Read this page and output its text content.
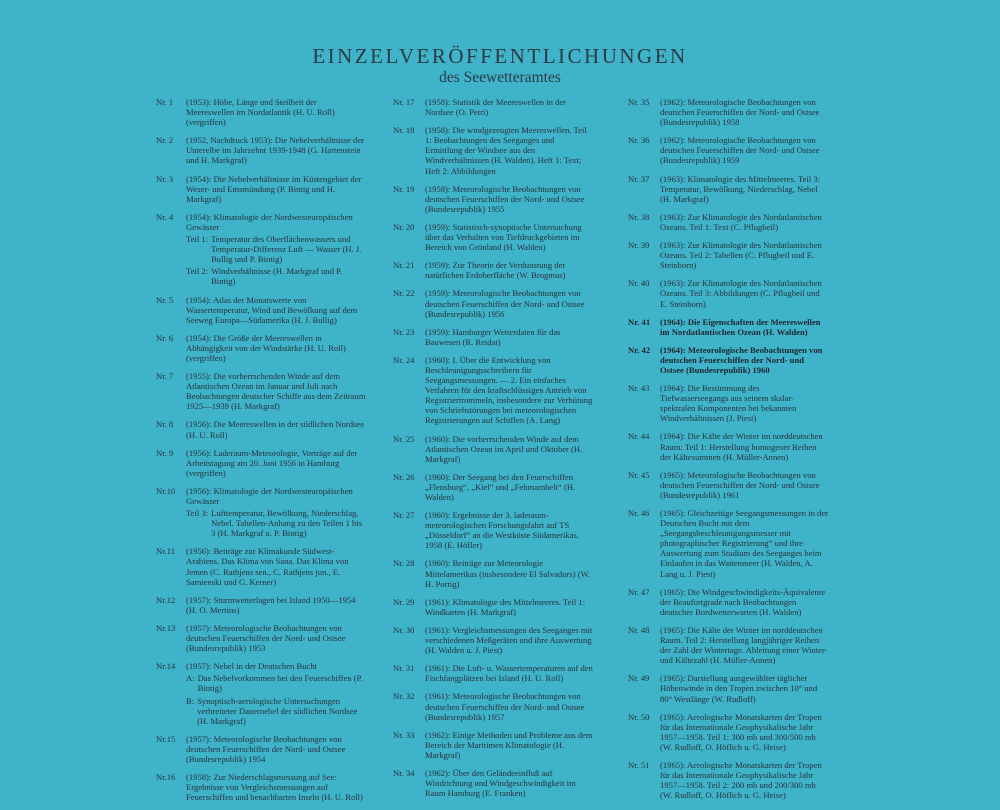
EINZELVERÖFFENTLICHUNGEN
des Seewetteramtes
Nr. 1	(1953): Höhe, Länge und Steilheit der Meereswellen im Nordatlantik (H. U. Roll) (vergriffen)
Nr. 2	(1952, Nachdruck 1953): Die Nebelverhältnisse der Unterelbe im Jahrzehnt 1939-1948 (G. Hartenstein und H. Markgraf)
Nr. 3	(1954): Die Nebelverhältnisse im Küstengebiet der Weser- und Emsmündung (P. Bintig und H. Markgraf)
Nr. 4	(1954): Klimatologie der Nordwesteuropäischen Gewässer
Teil 1: Temperatur des Oberflächenwassers und Temperatur-Differenz Luft — Wasser (H. J. Bullig und P. Bintig)
Teil 2: Windverhältnisse (H. Markgraf und P. Bintig)
Nr. 5	(1954): Atlas der Monatswerte von Wassertemperatur, Wind und Bewölkung auf dem Seeweg Europa—Südamerika (H. J. Bullig)
Nr. 6	(1954): Die Größe der Meereswellen in Abhängigkeit von der Windstärke (H. U. Roll) (vergriffen)
Nr. 7	(1955): Die vorherrschenden Winde auf dem Atlantischen Ozean im Januar und Juli nach Beobachtungen deutscher Schiffe aus dem Zeitraum 1925—1939 (H. Markgraf)
Nr. 8	(1956): Die Meereswellen in der südlichen Nordsee (H. U. Roll)
Nr. 9	(1956): Laderaum-Meteorologie, Vorträge auf der Arbeitstagung am 20. Juni 1956 in Hamburg (vergriffen)
Nr.10	(1956): Klimatologie der Nordwesteuropäischen Gewässer
Teil 3: Lufttemperatur, Bewölkung, Niederschlag, Nebel. Tabellen-Anhang zu den Teilen 1 bis 3 (H. Markgraf u. P. Bintig)
Nr.11	(1956): Beiträge zur Klimakunde Südwest-Arabiens. Das Klima von Sana. Das Klima von Jemen (C. Rathjens sen., C. Rathjens jun., E. Samienski und G. Kerner)
Nr.12	(1957): Sturmwetterlagen bei Island 1950—1954 (H. O. Mertins)
Nr.13	(1957): Meteorologische Beobachtungen von deutschen Feuerschiffen der Nord- und Ostsee (Bundesrepublik) 1953
Nr.14	(1957): Nebel in der Deutschen Bucht
A: Das Nebelvorkommen bei den Feuerschiffen (P. Bintig)
B: Synoptisch-aerologische Untersuchungen verbreiteter Dauernebel der südlichen Nordsee (H. Markgraf)
Nr.15	(1957): Meteorologische Beobachtungen von deutschen Feuerschiffen der Nord- und Ostsee (Bundesrepublik) 1954
Nr.16	(1958): Zur Niederschlagsmessung auf See: Ergebnisse von Vergleichsmessungen auf Feuerschiffen und benachbarten Inseln (H. U. Roll)
Nr. 17	(1958): Statistik der Meereswellen in der Nordsee (O. Petri)
Nr. 18	(1958): Die windgezeugten Meereswellen. Teil 1: Beobachtungen des Seeganges und Ermittlung der Windsee aus den Windverhältnissen (H. Walden). Heft 1: Text; Heft 2: Abbildungen
Nr. 19	(1958): Meteorologische Beobachtungen von deutschen Feuerschiffen der Nord- und Ostsee (Bundesrepublik) 1955
Nr. 20	(1959): Statistisch-synoptische Untersuchung über das Verhalten von Tiefdruckgebieten im Bereich von Grönland (H. Walden)
Nr. 21	(1959): Zur Theorie der Verdunstung der natürlichen Erdoberfläche (W. Brogmus)
Nr. 22	(1959): Meteorologische Beobachtungen von deutschen Feuerschiffen der Nord- und Ostsee (Bundesrepublik) 1956
Nr. 23	(1959): Hamburger Wetterdaten für das Bauwesen (R. Reidat)
Nr. 24	(1960): I. Über die Entwicklung von Beschleunigungsschreibern für Seegangsmessungen. — 2. Ein einfaches Verfahren für den kraftschlüssigen Antrieb von Registriertrommeln, insbesondere zur Verhütung von Schriebstörungen bei meteorologischen Registrierungen auf Schiffen (A. Lang)
Nr. 25	(1960): Die vorherrschenden Winde auf dem Atlantischen Ozean im April und Oktober (H. Markgraf)
Nr. 26	(1960): Der Seegang bei den Feuerschiffen „Flensburg“, „Kiel“ und „Fehmarnbelt“ (H. Walden)
Nr. 27	(1960): Ergebnisse der 3. laderaum-meteorologischen Forschungsfahrt auf TS „Düsseldorf“ an die Westküste Südamerikas, 1958 (E. Höfler)
Nr. 28	(1960): Beiträge zur Meteorologie Mittelamerikas (insbesondere El Salvadors) (W. H. Portig)
Nr. 29	(1961): Klimatologie des Mittelmeeres. Teil 1: Windkarten (H. Markgraf)
Nr. 30	(1961): Vergleichsmessungen des Seeganges mit verschiedenen Meßgeräten und ihre Auswertung (H. Walden u. J. Piest)
Nr. 31	(1961): Die Luft- u. Wassertemperaturen auf den Fischfangplätzen bei Island (H. U. Roll)
Nr. 32	(1961): Meteorologische Beobachtungen von deutschen Feuerschiffen der Nord- und Ostsee (Bundesrepublik) 1957
Nr. 33	(1962): Einige Methoden und Probleme aus dem Bereich der Maritimen Klimatologie (H. Markgraf)
Nr. 34	(1962): Über den Geländeeinfluß auf Windrichtung und Windgeschwindigkeit im Raum Hamburg (E. Franken)
Nr. 35	(1962): Meteorologische Beobachtungen von deutschen Feuerschiffen der Nord- und Ostsee (Bundesrepublik) 1958
Nr. 36	(1962): Meteorologische Beobachtungen von deutschen Feuerschiffen der Nord- und Ostsee (Bundesrepublik) 1959
Nr. 37	(1963): Klimatologie des Mittelmeeres. Teil 3: Temperatur, Bewölkung, Niederschlag, Nebel (H. Markgraf)
Nr. 38	(1963): Zur Klimatologie des Nordatlantischen Ozeans. Teil 1: Text (C. Pflugbeil)
Nr. 39	(1963): Zur Klimatologie des Nordatlantischen Ozeans. Teil 2: Tabellen (C. Pflugbeil und E. Steinborn)
Nr. 40	(1963): Zur Klimatologie des Nordatlantischen Ozeans. Teil 3: Abbildungen (C. Pflugbeil und E. Steinborn)
Nr. 41	(1964): Die Eigenschaften der Meereswellen im Nordatlantischen Ozean (H. Walden)
Nr. 42	(1964): Meteorologische Beobachtungen von deutschen Feuerschiffen der Nord- und Ostsee (Bundesrepublik) 1960
Nr. 43	(1964): Die Bestimmung des Tiefwasserseegangs aus seinem skalar-spektralen Komponenten bei bekannten Windverhältnissen (J. Piest)
Nr. 44	(1964): Die Kälte der Winter im norddeutschen Raum: Teil 1: Herstellung homogener Reihen der Kältesummen (H. Müller-Annen)
Nr. 45	(1965): Meteorologische Beobachtungen von deutschen Feuerschiffen der Nord- und Ostsee (Bundesrepublik) 1961
Nr. 46	(1965): Gleichzeitige Seegangsmessungen in der Deutschen Bucht mit dem „Seegangsbeschleunigungsmesser mit photographischer Registrierung“ und ihre Auswertung zum Studium des Seeganges beim Einlaufen in das Wattenmeer (H. Walden, A. Lang u. J. Piest)
Nr. 47	(1965): Die Windgeschwindigkeits-Äquivalente der Beaufortgrade nach Beobachtungen deutscher Bordwetterwarten (H. Walden)
Nr. 48	(1965): Die Kälte der Winter im norddeutschen Raum. Teil 2: Herstellung langjähriger Reihen der Zahl der Wintertage. Ableitung einer Winter- und Kältezahl (H. Müller-Annen)
Nr. 49	(1965): Darstellung ausgewählter täglicher Höhenwinde in den Tropen zwischen 10° und 80° Westlänge (W. Rudloff)
Nr. 50	(1965): Aerologische Monatskarten der Tropen für das Internationale Geophysikalische Jahr 1957—1958. Teil 1: 300 mb und 300/500 mb (W. Rudloff, O. Höflich u. G. Heise)
Nr. 51	(1965): Aerologische Monatskarten der Tropen für das Internationale Geophysikalische Jahr 1957—1958. Teil 2: 200 mb und 200/300 mb (W. Rudloff, O. Höflich u. G. Heise)
